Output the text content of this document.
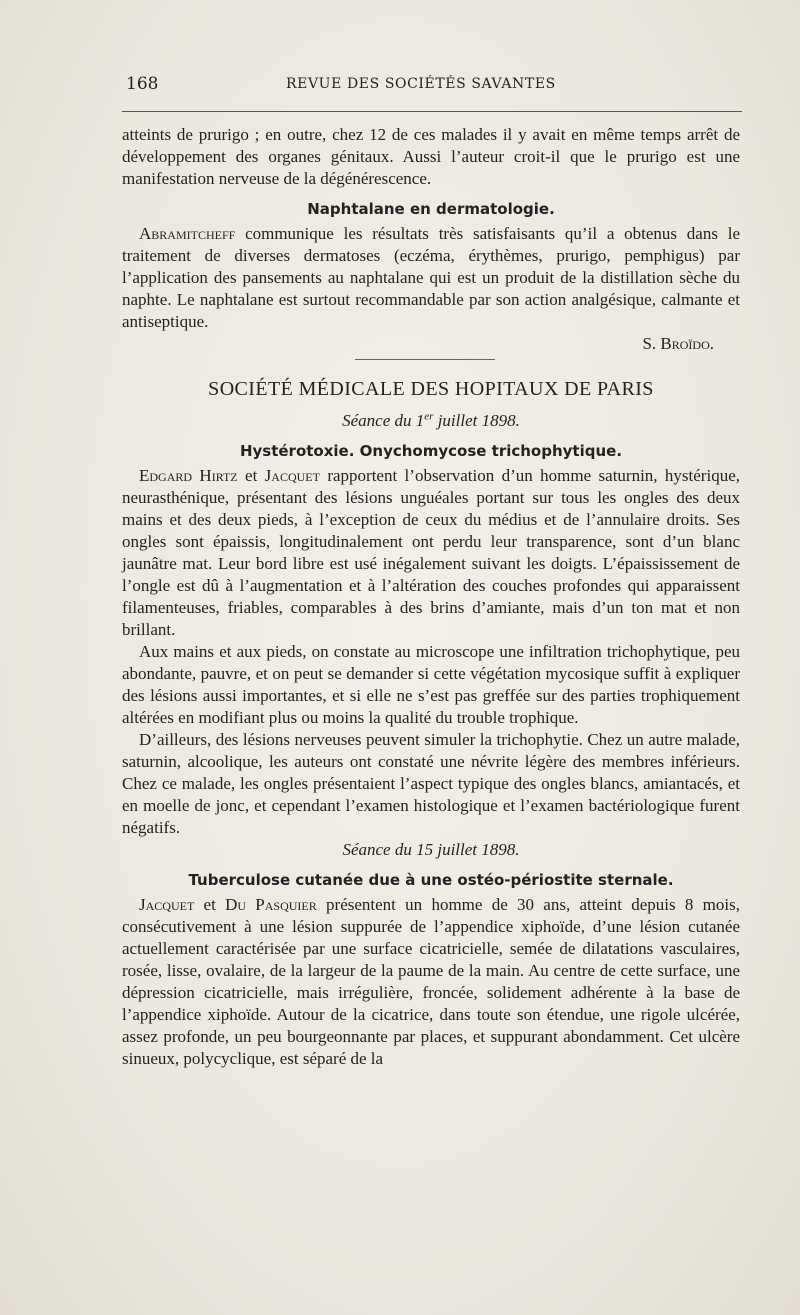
168	REVUE DES SOCIÉTÉS SAVANTES

atteints de prurigo ; en outre, chez 12 de ces malades il y avait en même temps arrêt de développement des organes génitaux. Aussi l’auteur croit-il que le prurigo est une manifestation nerveuse de la dégénérescence.

Naphtalane en dermatologie.

 Abramitcheff communique les résultats très satisfaisants qu’il a obtenus dans le traitement de diverses dermatoses (eczéma, érythèmes, prurigo, pemphigus) par l’application des pansements au naphtalane qui est un produit de la distillation sèche du naphte. Le naphtalane est surtout recommandable par son action analgésique, calmante et antiseptique.

S. Broïdo.

SOCIÉTÉ MÉDICALE DES HOPITAUX DE PARIS

Séance du 1er juillet 1898.

Hystérotoxie. Onychomycose trichophytique.

 Edgard Hirtz et Jacquet rapportent l’observation d’un homme saturnin, hystérique, neurasthénique, présentant des lésions unguéales portant sur tous les ongles des deux mains et des deux pieds, à l’exception de ceux du médius et de l’annulaire droits. Ses ongles sont épaissis, longitudinalement ont perdu leur transparence, sont d’un blanc jaunâtre mat. Leur bord libre est usé inégalement suivant les doigts. L’épaississement de l’ongle est dû à l’augmentation et à l’altération des couches profondes qui apparaissent filamenteuses, friables, comparables à des brins d’amiante, mais d’un ton mat et non brillant.

 Aux mains et aux pieds, on constate au microscope une infiltration trichophytique, peu abondante, pauvre, et on peut se demander si cette végétation mycosique suffit à expliquer des lésions aussi importantes, et si elle ne s’est pas greffée sur des parties trophiquement altérées en modifiant plus ou moins la qualité du trouble trophique.

 D’ailleurs, des lésions nerveuses peuvent simuler la trichophytie. Chez un autre malade, saturnin, alcoolique, les auteurs ont constaté une névrite légère des membres inférieurs. Chez ce malade, les ongles présentaient l’aspect typique des ongles blancs, amiantacés, et en moelle de jonc, et cependant l’examen histologique et l’examen bactériologique furent négatifs.

Séance du 15 juillet 1898.

Tuberculose cutanée due à une ostéo-périostite sternale.

 Jacquet et Du Pasquier présentent un homme de 30 ans, atteint depuis 8 mois, consécutivement à une lésion suppurée de l’appendice xiphoïde, d’une lésion cutanée actuellement caractérisée par une surface cicatricielle, semée de dilatations vasculaires, rosée, lisse, ovalaire, de la largeur de la paume de la main. Au centre de cette surface, une dépression cicatricielle, mais irrégulière, froncée, solidement adhérente à la base de l’appendice xiphoïde. Autour de la cicatrice, dans toute son étendue, une rigole ulcérée, assez profonde, un peu bourgeonnante par places, et suppurant abondamment. Cet ulcère sinueux, polycyclique, est séparé de la
